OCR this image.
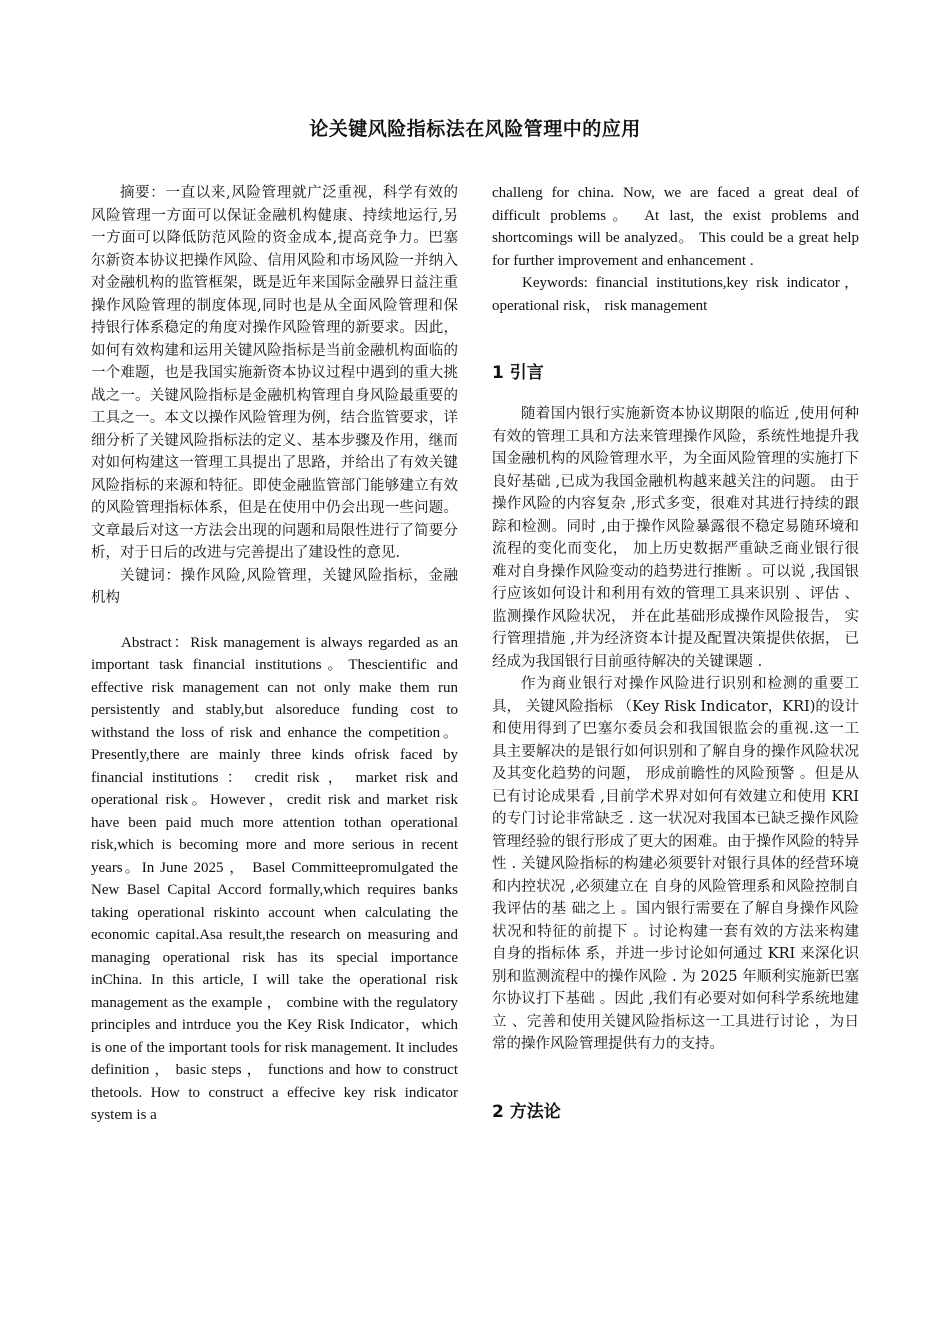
论关键风险指标法在风险管理中的应用

摘要：一直以来,风险管理就广泛重视，科学有效的风险管理一方面可以保证金融机构健康、持续地运行,另一方面可以降低防范风险的资金成本,提高竞争力。巴塞尔新资本协议把操作风险、信用风险和市场风险一并纳入对金融机构的监管框架，既是近年来国际金融界日益注重操作风险管理的制度体现,同时也是从全面风险管理和保持银行体系稳定的角度对操作风险管理的新要求。因此，如何有效构建和运用关键风险指标是当前金融机构面临的一个难题，也是我国实施新资本协议过程中遇到的重大挑战之一。关键风险指标是金融机构管理自身风险最重要的工具之一。本文以操作风险管理为例，结合监管要求，详细分析了关键风险指标法的定义、基本步骤及作用，继而对如何构建这一管理工具提出了思路，并给出了有效关键风险指标的来源和特征。即使金融监管部门能够建立有效的风险管理指标体系，但是在使用中仍会出现一些问题。文章最后对这一方法会出现的问题和局限性进行了简要分析，对于日后的改进与完善提出了建设性的意见.

关键词：操作风险,风险管理，关键风险指标，金融机构

Abstract：Risk management is always regarded as an important task financial institutions。Thescientific and effective risk management can not only make them run persistently and stably,but alsoreduce funding cost to withstand the loss of risk and enhance the competition。 Presently,there are mainly three kinds ofrisk faced by financial institutions ： credit risk ， market risk and operational risk。However，credit risk and market risk have been paid much more attention tothan operational risk,which is becoming more and more serious in recent years。In June 2025 ， Basel Committeepromulgated the New Basel Capital Accord formally,which requires banks taking operational riskinto account when calculating the economic capital.Asa result,the research on measuring and managing operational risk has its special importance inChina. In this article, I will take the operational risk management as the example ， combine with the regulatory principles and intrduce you the Key Risk Indicator，which is one of the important tools for risk management. It includes definition ， basic steps ， functions and how to construct thetools. How to construct a effecive key risk indicator system is a

challeng for china. Now, we are faced a great deal of difficult problems。 At last, the exist problems and shortcomings will be analyzed。 This could be a great help for further improvement and enhancement .

Keywords: financial institutions,key risk indicator，operational risk， risk management

1 引言

随着国内银行实施新资本协议期限的临近 ,使用何种有效的管理工具和方法来管理操作风险，系统性地提升我国金融机构的风险管理水平，为全面风险管理的实施打下良好基础 ,已成为我国金融机构越来越关注的问题。 由于操作风险的内容复杂 ,形式多变，很难对其进行持续的跟踪和检测。同时 ,由于操作风险暴露很不稳定易随环境和流程的变化而变化， 加上历史数据严重缺乏商业银行很难对自身操作风险变动的趋势进行推断 。可以说 ,我国银行应该如何设计和利用有效的管理工具来识别 、评估 、监测操作风险状况， 并在此基础形成操作风险报告， 实行管理措施 ,并为经济资本计提及配置决策提供依据， 已经成为我国银行目前亟待解决的关键课题 .

作为商业银行对操作风险进行识别和检测的重要工具， 关键风险指标 （Key Risk Indicator，KRI)的设计 和使用得到了巴塞尔委员会和我国银监会的重视.这一工具主要解决的是银行如何识别和了解自身的操作风险状况及其变化趋势的问题， 形成前瞻性的风险预警 。但是从已有讨论成果看 ,目前学术界对如何有效建立和使用 KRI 的专门讨论非常缺乏 . 这一状况对我国本已缺乏操作风险管理经验的银行形成了更大的困难。由于操作风险的特异性 . 关键风险指标的构建必须要针对银行具体的经营环境和内控状况 ,必须建立在 自身的风险管理系和风险控制自我评估的基 础之上 。国内银行需要在了解自身操作风险状况和特征的前提下 。讨论构建一套有效的方法来构建自身的指标体 系，并进一步讨论如何通过 KRI 来深化识别和监测流程中的操作风险 . 为 2025 年顺利实施新巴塞尔协议打下基础 。因此 ,我们有必要对如何科学系统地建立 、完善和使用关键风险指标这一工具进行讨论 ，为日常的操作风险管理提供有力的支持。

2 方法论
